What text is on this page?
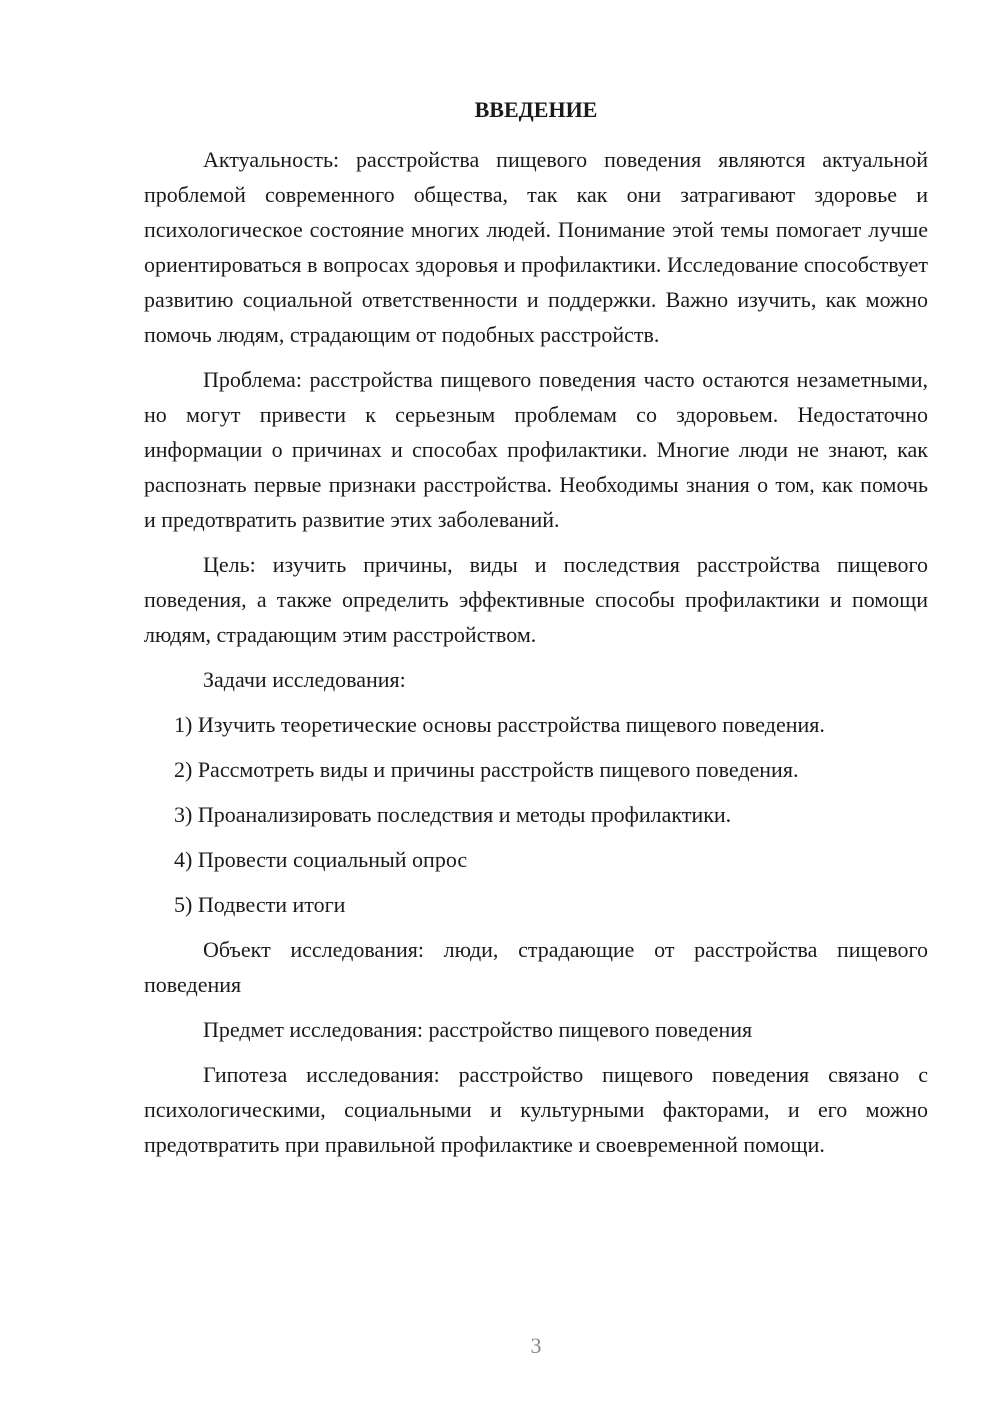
ВВЕДЕНИЕ

Актуальность: расстройства пищевого поведения являются актуальной проблемой современного общества, так как они затрагивают здоровье и психологическое состояние многих людей. Понимание этой темы помогает лучше ориентироваться в вопросах здоровья и профилактики. Исследование способствует развитию социальной ответственности и поддержки. Важно изучить, как можно помочь людям, страдающим от подобных расстройств.

Проблема: расстройства пищевого поведения часто остаются незаметными, но могут привести к серьезным проблемам со здоровьем. Недостаточно информации о причинах и способах профилактики. Многие люди не знают, как распознать первые признаки расстройства. Необходимы знания о том, как помочь и предотвратить развитие этих заболеваний.

Цель: изучить причины, виды и последствия расстройства пищевого поведения, а также определить эффективные способы профилактики и помощи людям, страдающим этим расстройством.

Задачи исследования:
1) Изучить теоретические основы расстройства пищевого поведения.
2) Рассмотреть виды и причины расстройств пищевого поведения.
3) Проанализировать последствия и методы профилактики.
4) Провести социальный опрос
5) Подвести итоги

Объект исследования: люди, страдающие от расстройства пищевого поведения

Предмет исследования: расстройство пищевого поведения

Гипотеза исследования: расстройство пищевого поведения связано с психологическими, социальными и культурными факторами, и его можно предотвратить при правильной профилактике и своевременной помощи.

3
